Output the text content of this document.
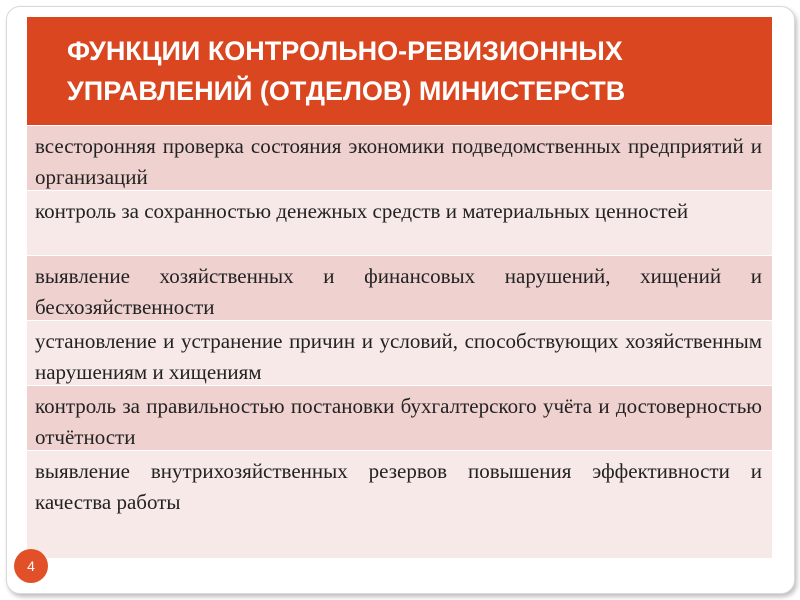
ФУНКЦИИ КОНТРОЛЬНО-РЕВИЗИОННЫХ УПРАВЛЕНИЙ (ОТДЕЛОВ) МИНИСТЕРСТВ
всесторонняя проверка состояния экономики подведомственных предприятий и организаций
контроль за сохранностью денежных средств и материальных ценностей
выявление хозяйственных и финансовых нарушений, хищений и бесхозяйственности
установление и устранение причин и условий, способствующих хозяйственным нарушениям и хищениям
контроль за правильностью постановки бухгалтерского учёта и достоверностью отчётности
выявление внутрихозяйственных резервов повышения эффективности и качества работы
4
